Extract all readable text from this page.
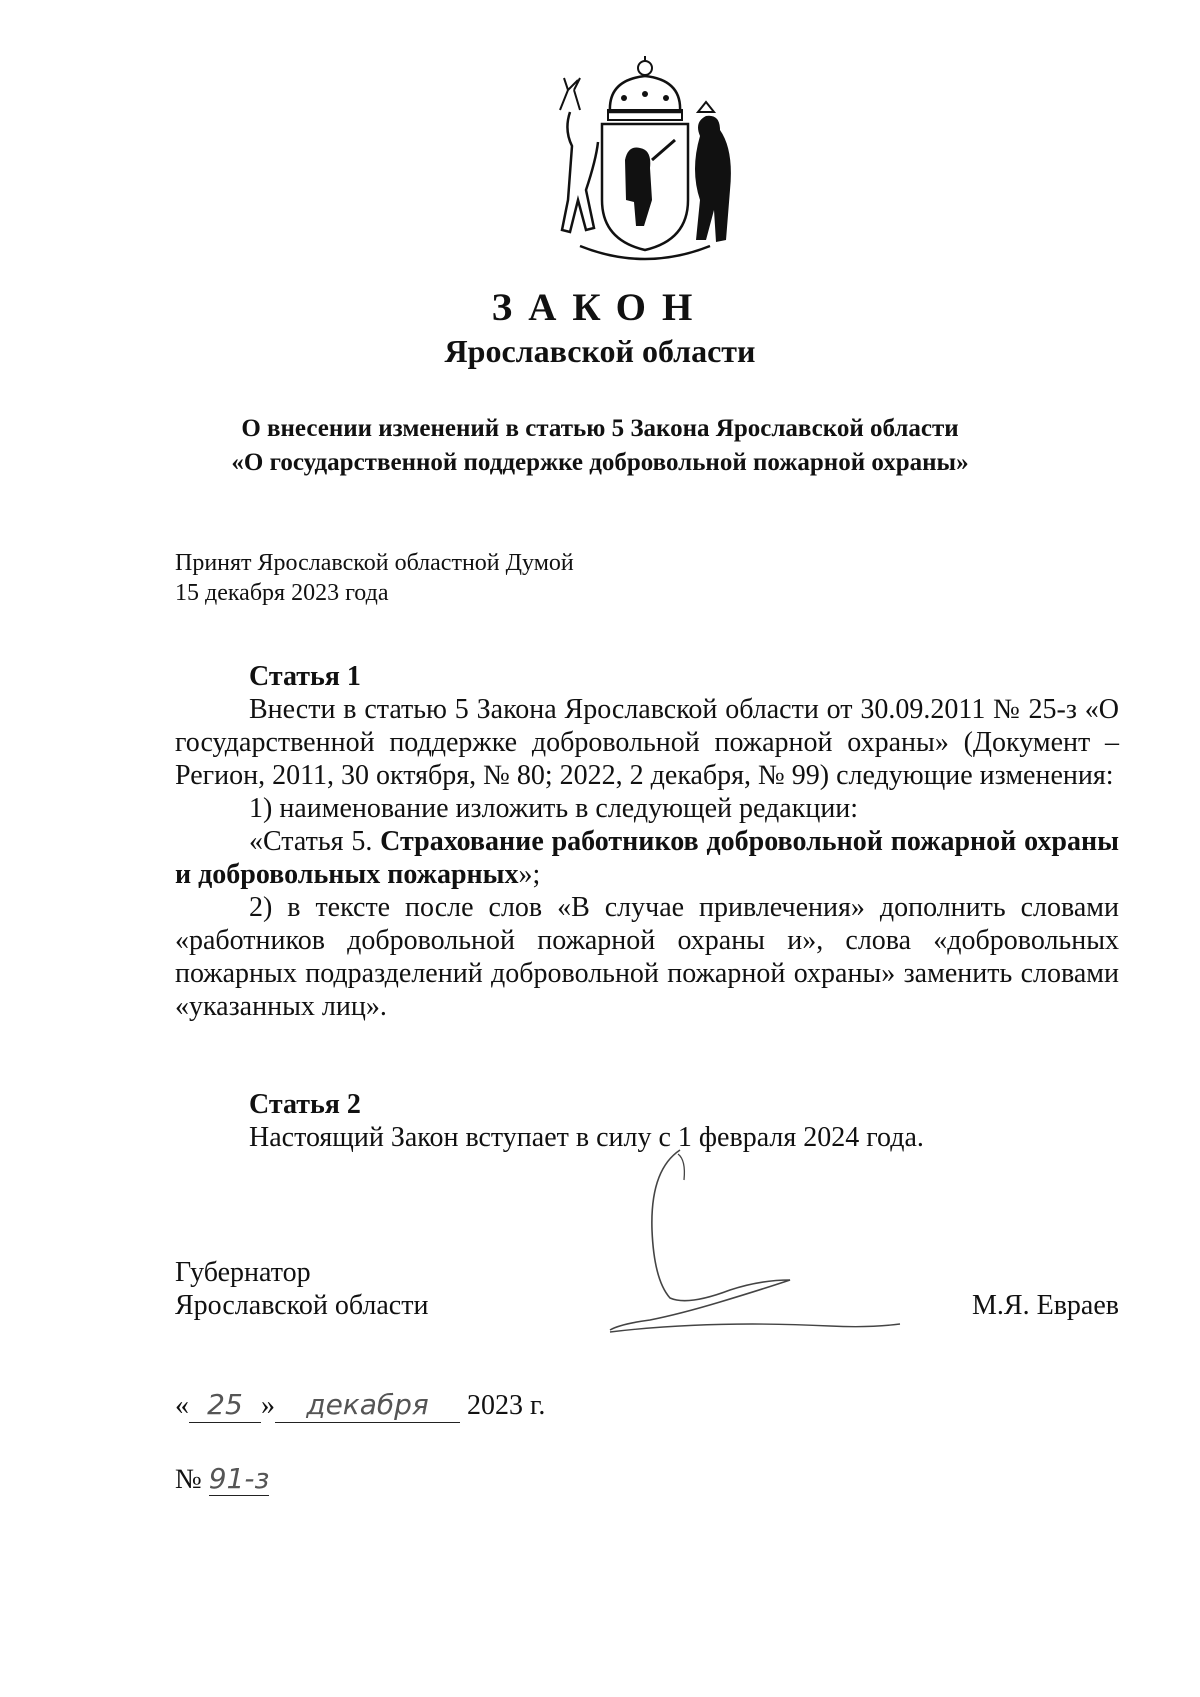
ЗАКОН
Ярославской области
О внесении изменений в статью 5 Закона Ярославской области
«О государственной поддержке добровольной пожарной охраны»
Принят Ярославской областной Думой
15 декабря 2023 года

Статья 1

Внести в статью 5 Закона Ярославской области от 30.09.2011 № 25-з «О государственной поддержке добровольной пожарной охраны» (Документ – Регион, 2011, 30 октября, № 80; 2022, 2 декабря, № 99) следующие изменения:

1) наименование изложить в следующей редакции:

«Статья 5. Страхование работников добровольной пожарной охраны и добровольных пожарных»;

2) в тексте после слов «В случае привлечения» дополнить словами «работников добровольной пожарной охраны и», слова «добровольных пожарных подразделений добровольной пожарной охраны» заменить словами «указанных лиц».

Статья 2

Настоящий Закон вступает в силу с 1 февраля 2024 года.

Губернатор
Ярославской области	М.Я. Евраев
« 25 » декабря 2023 г.
№ 91-з
